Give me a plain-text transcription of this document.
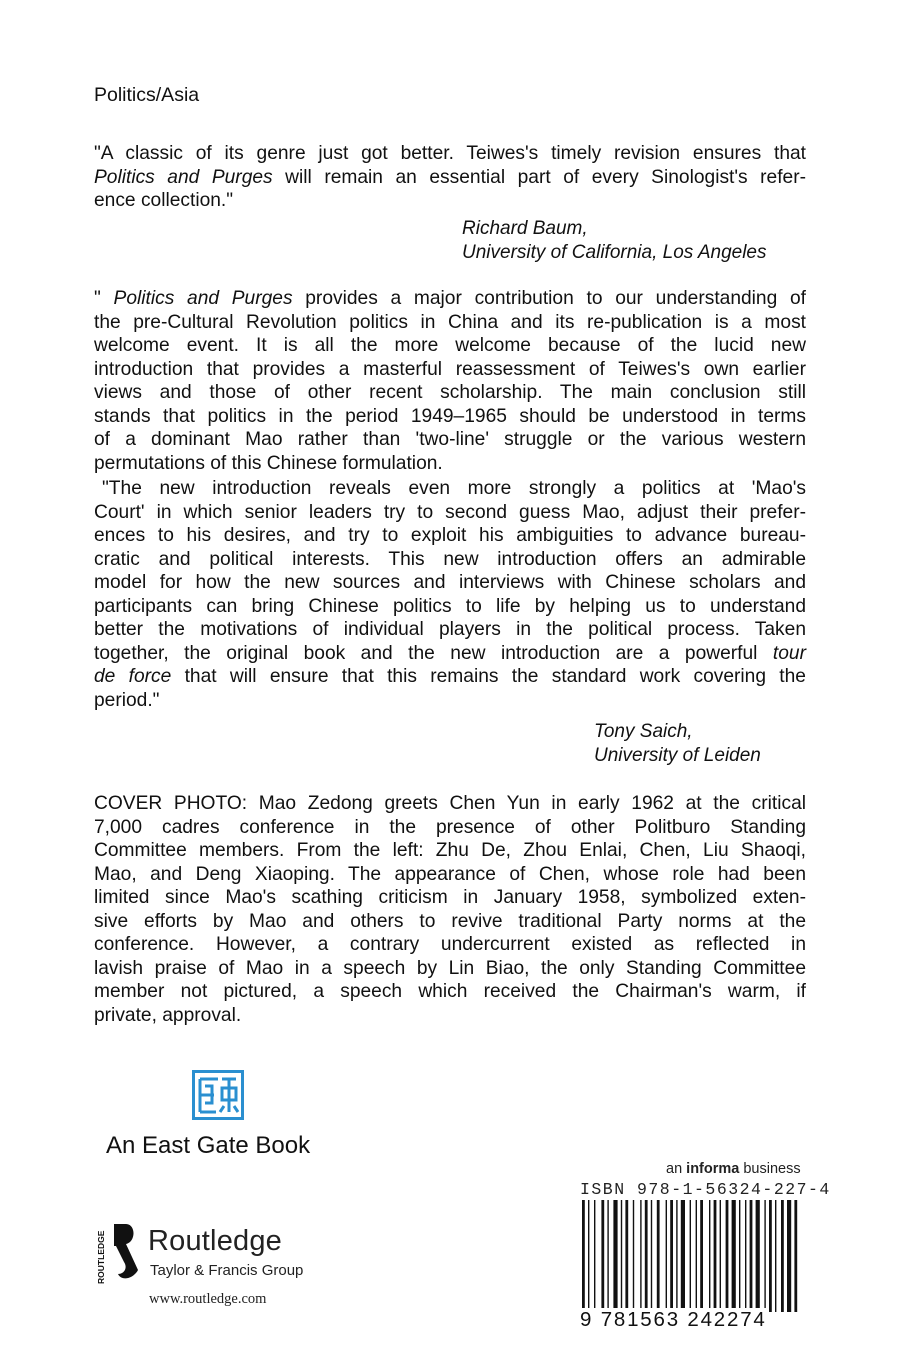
Politics/Asia
"A classic of its genre just got better. Teiwes's timely revision ensures that
Politics and Purges will remain an essential part of every Sinologist's refer-
ence collection."
Richard Baum,
University of California, Los Angeles
" Politics and Purges provides a major contribution to our understanding of
the pre-Cultural Revolution politics in China and its re-publication is a most
welcome event. It is all the more welcome because of the lucid new
introduction that provides a masterful reassessment of Teiwes's own earlier
views and those of other recent scholarship. The main conclusion still
stands that politics in the period 1949–1965 should be understood in terms
of a dominant Mao rather than 'two-line' struggle or the various western
permutations of this Chinese formulation.
"The new introduction reveals even more strongly a politics at 'Mao's
Court' in which senior leaders try to second guess Mao, adjust their prefer-
ences to his desires, and try to exploit his ambiguities to advance bureau-
cratic and political interests. This new introduction offers an admirable
model for how the new sources and interviews with Chinese scholars and
participants can bring Chinese politics to life by helping us to understand
better the motivations of individual players in the political process. Taken
together, the original book and the new introduction are a powerful tour
de force that will ensure that this remains the standard work covering the
period."
Tony Saich,
University of Leiden
COVER PHOTO: Mao Zedong greets Chen Yun in early 1962 at the critical
7,000 cadres conference in the presence of other Politburo Standing
Committee members. From the left: Zhu De, Zhou Enlai, Chen, Liu Shaoqi,
Mao, and Deng Xiaoping. The appearance of Chen, whose role had been
limited since Mao's scathing criticism in January 1958, symbolized exten-
sive efforts by Mao and others to revive traditional Party norms at the
conference. However, a contrary undercurrent existed as reflected in
lavish praise of Mao in a speech by Lin Biao, the only Standing Committee
member not pictured, a speech which received the Chairman's warm, if
private, approval.
An East Gate Book
ROUTLEDGE Routledge
Taylor & Francis Group
www.routledge.com
an informa business
ISBN 978-1-56324-227-4
9 781563 242274
